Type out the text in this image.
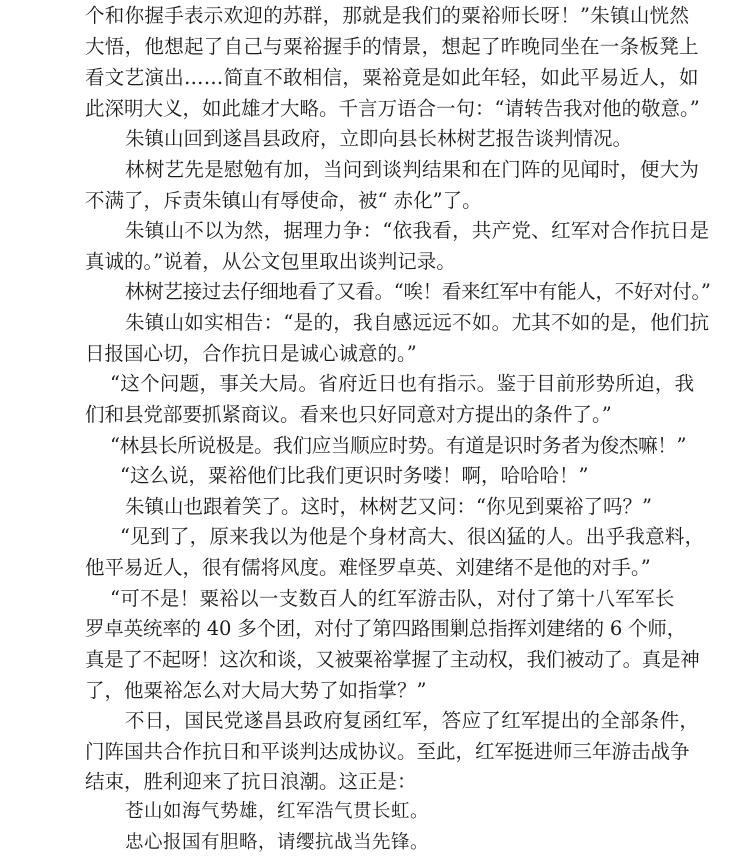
个和你握手表示欢迎的苏群，那就是我们的粟裕师长呀！”朱镇山恍然
大悟，他想起了自己与粟裕握手的情景，想起了昨晚同坐在一条板凳上
看文艺演出……简直不敢相信，粟裕竟是如此年轻，如此平易近人，如
此深明大义，如此雄才大略。千言万语合一句：“请转告我对他的敬意。”
朱镇山回到遂昌县政府，立即向县长林树艺报告谈判情况。
林树艺先是慰勉有加，当问到谈判结果和在门阵的见闻时，便大为
不满了，斥责朱镇山有辱使命，被“ 赤化”了。
朱镇山不以为然，据理力争：“依我看，共产党、红军对合作抗日是
真诚的。”说着，从公文包里取出谈判记录。
林树艺接过去仔细地看了又看。“唉！看来红军中有能人，不好对付。”
朱镇山如实相告：“是的，我自感远远不如。尤其不如的是，他们抗
日报国心切，合作抗日是诚心诚意的。”
“这个问题，事关大局。省府近日也有指示。鉴于目前形势所迫，我
们和县党部要抓紧商议。看来也只好同意对方提出的条件了。”
“林县长所说极是。我们应当顺应时势。有道是识时务者为俊杰嘛！”
“这么说，粟裕他们比我们更识时务喽！啊，哈哈哈！”
朱镇山也跟着笑了。这时，林树艺又问：“你见到粟裕了吗？”
“见到了，原来我以为他是个身材高大、很凶猛的人。出乎我意料，
他平易近人，很有儒将风度。难怪罗卓英、刘建绪不是他的对手。”
“可不是！粟裕以一支数百人的红军游击队，对付了第十八军军长
罗卓英统率的 40 多个团，对付了第四路围剿总指挥刘建绪的 6 个师，
真是了不起呀！这次和谈，又被粟裕掌握了主动权，我们被动了。真是神
了，他粟裕怎么对大局大势了如指掌？”
不日，国民党遂昌县政府复函红军，答应了红军提出的全部条件，
门阵国共合作抗日和平谈判达成协议。至此，红军挺进师三年游击战争
结束，胜利迎来了抗日浪潮。这正是：
苍山如海气势雄，红军浩气贯长虹。
忠心报国有胆略，请缨抗战当先锋。
